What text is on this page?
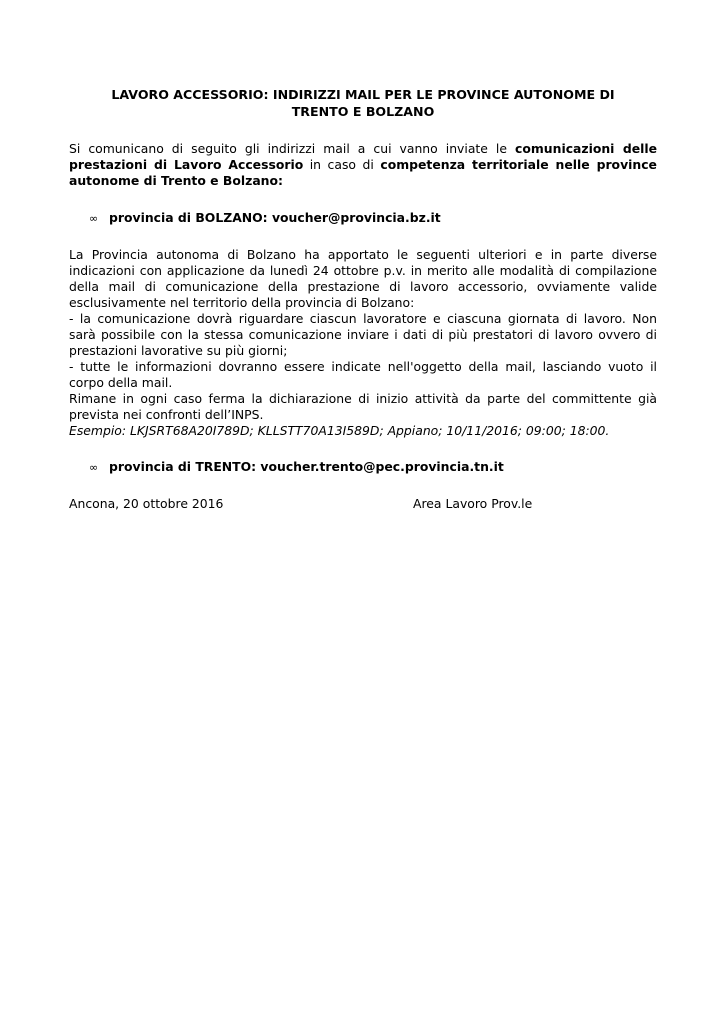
LAVORO ACCESSORIO: INDIRIZZI MAIL PER LE PROVINCE AUTONOME DI
TRENTO E BOLZANO

Si comunicano di seguito gli indirizzi mail a cui vanno inviate le comunicazioni delle prestazioni di Lavoro Accessorio in caso di competenza territoriale nelle province autonome di Trento e Bolzano:

∞ provincia di BOLZANO: voucher@provincia.bz.it

La Provincia autonoma di Bolzano ha apportato le seguenti ulteriori e in parte diverse indicazioni con applicazione da lunedì 24 ottobre p.v. in merito alle modalità di compilazione della mail di comunicazione della prestazione di lavoro accessorio, ovviamente valide esclusivamente nel territorio della provincia di Bolzano:

- la comunicazione dovrà riguardare ciascun lavoratore e ciascuna giornata di lavoro. Non sarà possibile con la stessa comunicazione inviare i dati di più prestatori di lavoro ovvero di prestazioni lavorative su più giorni;

- tutte le informazioni dovranno essere indicate nell'oggetto della mail, lasciando vuoto il corpo della mail.

Rimane in ogni caso ferma la dichiarazione di inizio attività da parte del committente già prevista nei confronti dell’INPS.

Esempio: LKJSRT68A20I789D; KLLSTT70A13I589D; Appiano; 10/11/2016; 09:00; 18:00.

∞ provincia di TRENTO: voucher.trento@pec.provincia.tn.it
Ancona, 20 ottobre 2016	Area Lavoro Prov.le
